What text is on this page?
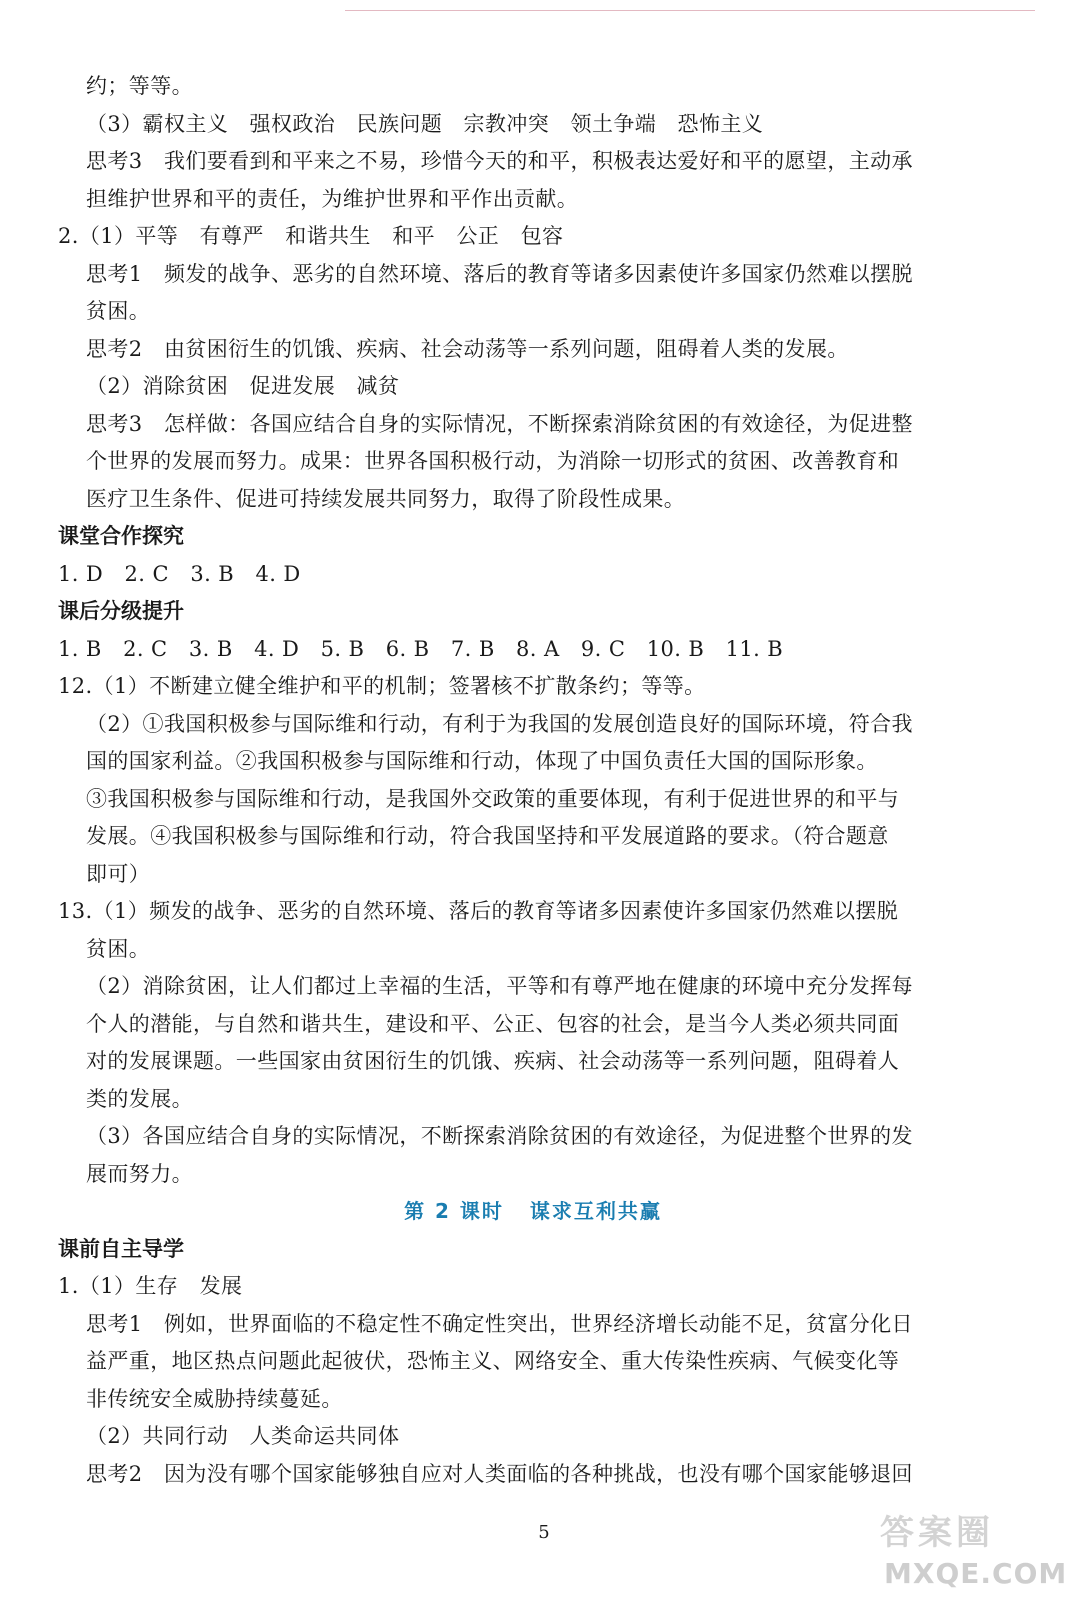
约；等等。
（3）霸权主义　强权政治　民族问题　宗教冲突　领土争端　恐怖主义
思考3　我们要看到和平来之不易，珍惜今天的和平，积极表达爱好和平的愿望，主动承
担维护世界和平的责任，为维护世界和平作出贡献。
2.（1）平等　有尊严　和谐共生　和平　公正　包容
思考1　频发的战争、恶劣的自然环境、落后的教育等诸多因素使许多国家仍然难以摆脱
贫困。
思考2　由贫困衍生的饥饿、疾病、社会动荡等一系列问题，阻碍着人类的发展。
（2）消除贫困　促进发展　减贫
思考3　怎样做：各国应结合自身的实际情况，不断探索消除贫困的有效途径，为促进整
个世界的发展而努力。成果：世界各国积极行动，为消除一切形式的贫困、改善教育和
医疗卫生条件、促进可持续发展共同努力，取得了阶段性成果。
课堂合作探究
1. D　2. C　3. B　4. D
课后分级提升
1. B　2. C　3. B　4. D　5. B　6. B　7. B　8. A　9. C　10. B　11. B
12.（1）不断建立健全维护和平的机制；签署核不扩散条约；等等。
（2）①我国积极参与国际维和行动，有利于为我国的发展创造良好的国际环境，符合我
国的国家利益。②我国积极参与国际维和行动，体现了中国负责任大国的国际形象。
③我国积极参与国际维和行动，是我国外交政策的重要体现，有利于促进世界的和平与
发展。④我国积极参与国际维和行动，符合我国坚持和平发展道路的要求。（符合题意
即可）
13.（1）频发的战争、恶劣的自然环境、落后的教育等诸多因素使许多国家仍然难以摆脱
贫困。
（2）消除贫困，让人们都过上幸福的生活，平等和有尊严地在健康的环境中充分发挥每
个人的潜能，与自然和谐共生，建设和平、公正、包容的社会，是当今人类必须共同面
对的发展课题。一些国家由贫困衍生的饥饿、疾病、社会动荡等一系列问题，阻碍着人
类的发展。
（3）各国应结合自身的实际情况，不断探索消除贫困的有效途径，为促进整个世界的发
展而努力。
第 2 课时 谋求互利共赢
课前自主导学
1.（1）生存　发展
思考1　例如，世界面临的不稳定性不确定性突出，世界经济增长动能不足，贫富分化日
益严重，地区热点问题此起彼伏，恐怖主义、网络安全、重大传染性疾病、气候变化等
非传统安全威胁持续蔓延。
（2）共同行动　人类命运共同体
思考2　因为没有哪个国家能够独自应对人类面临的各种挑战，也没有哪个国家能够退回
5	答案圈
MXQE.COM
